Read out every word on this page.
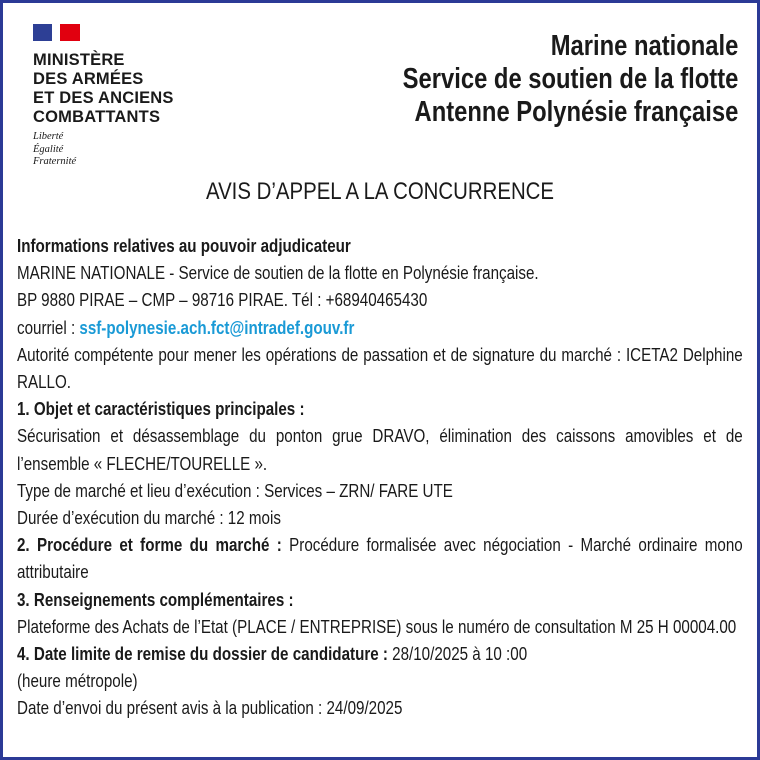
MINISTÈRE
DES ARMÉES
ET DES ANCIENS
COMBATTANTS
Liberté
Égalité
Fraternité
Marine nationale
Service de soutien de la flotte
Antenne Polynésie française
AVIS D’APPEL A LA CONCURRENCE

Informations relatives au pouvoir adjudicateur

MARINE NATIONALE - Service de soutien de la flotte en Polynésie française.

BP 9880 PIRAE – CMP – 98716 PIRAE. Tél : +68940465430

courriel : ssf-polynesie.ach.fct@intradef.gouv.fr

Autorité compétente pour mener les opérations de passation et de signature du marché : ICETA2 Delphine RALLO.

1. Objet et caractéristiques principales :

Sécurisation et désassemblage du ponton grue DRAVO, élimination des caissons amovibles et de l’ensemble « FLECHE/TOURELLE ».

Type de marché et lieu d’exécution : Services – ZRN/ FARE UTE

Durée d’exécution du marché : 12 mois

2. Procédure et forme du marché : Procédure formalisée avec négociation - Marché ordinaire mono attributaire

3. Renseignements complémentaires :

Plateforme des Achats de l’Etat (PLACE / ENTREPRISE) sous le numéro de consultation M 25 H 00004.00

4. Date limite de remise du dossier de candidature : 28/10/2025 à 10 :00

(heure métropole)

Date d’envoi du présent avis à la publication : 24/09/2025
